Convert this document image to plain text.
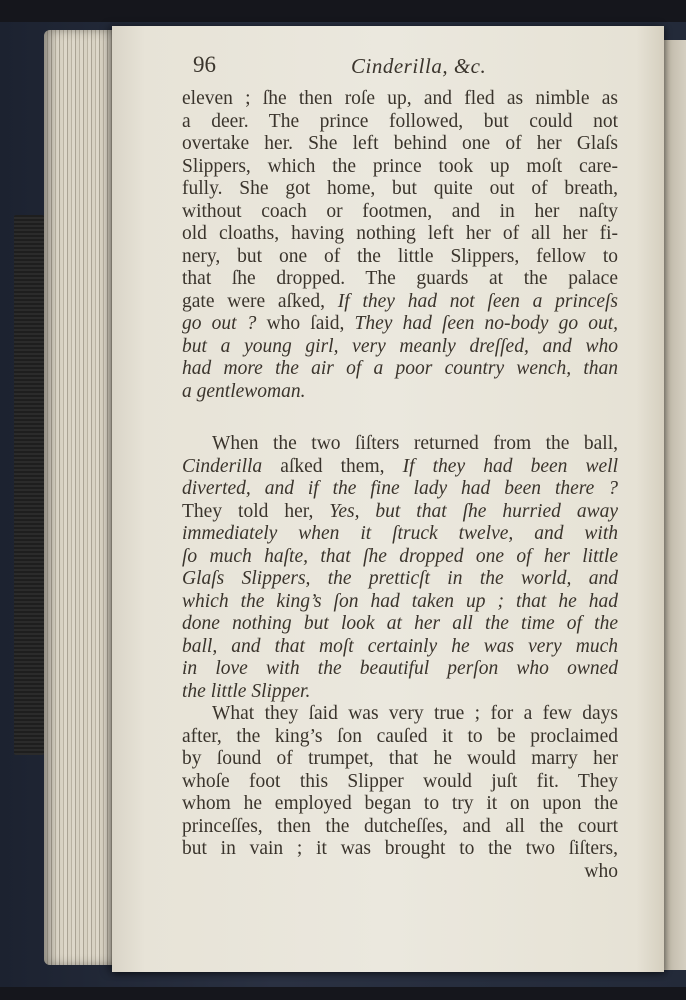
96	Cinderilla, &c.
eleven ; ſhe then roſe up, and fled as nimble as
a deer. The prince followed, but could not
overtake her. She left behind one of her Glaſs
Slippers, which the prince took up moſt care-
fully. She got home, but quite out of breath,
without coach or footmen, and in her naſty
old cloaths, having nothing left her of all her fi-
nery, but one of the little Slippers, fellow to
that ſhe dropped. The guards at the palace
gate were aſked, If they had not ſeen a princeſs
go out ? who ſaid, They had ſeen no-body go out,
but a young girl, very meanly dreſſed, and who
had more the air of a poor country wench, than
a gentlewoman.
When the two ſiſters returned from the ball,
Cinderilla aſked them, If they had been well
diverted, and if the fine lady had been there ?
They told her, Yes, but that ſhe hurried away
immediately when it ſtruck twelve, and with
ſo much haſte, that ſhe dropped one of her little
Glaſs Slippers, the pretticſt in the world, and
which the king’s ſon had taken up ; that he had
done nothing but look at her all the time of the
ball, and that moſt certainly he was very much
in love with the beautiful perſon who owned
the little Slipper.
What they ſaid was very true ; for a few days
after, the king’s ſon cauſed it to be proclaimed
by ſound of trumpet, that he would marry her
whoſe foot this Slipper would juſt fit. They
whom he employed began to try it on upon the
princeſſes, then the dutcheſſes, and all the court
but in vain ; it was brought to the two ſiſters,
who
